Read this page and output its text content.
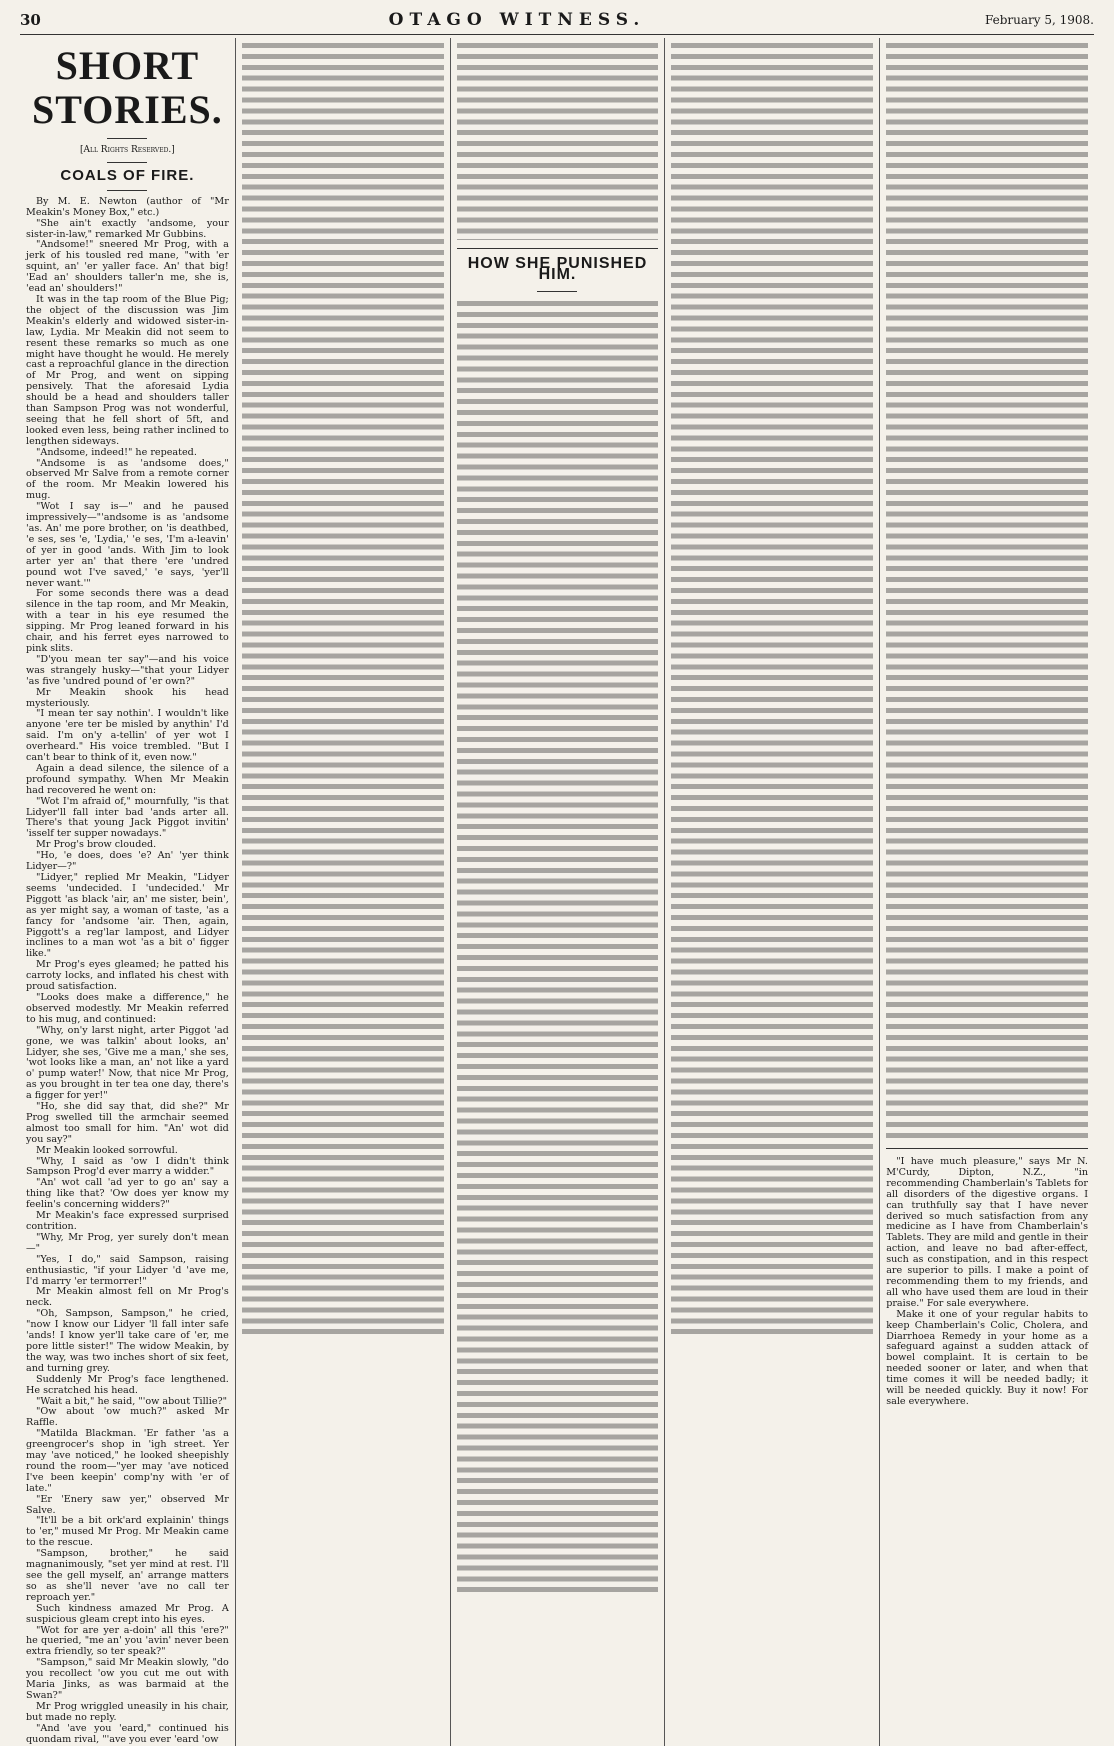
30	OTAGO WITNESS.	February 5, 1908.
SHORT STORIES.
[All Rights Reserved.]
COALS OF FIRE.

By M. E. Newton (author of "Mr Meakin's Money Box," etc.)

"She ain't exactly 'andsome, your sister-in-law," remarked Mr Gubbins.

"Andsome!" sneered Mr Prog, with a jerk of his tousled red mane, "with 'er squint, an' 'er yaller face. An' that big! 'Ead an' shoulders taller'n me, she is, 'ead an' shoulders!"

It was in the tap room of the Blue Pig; the object of the discussion was Jim Meakin's elderly and widowed sister-in-law, Lydia. Mr Meakin did not seem to resent these remarks so much as one might have thought he would. He merely cast a reproachful glance in the direction of Mr Prog, and went on sipping pensively. That the aforesaid Lydia should be a head and shoulders taller than Sampson Prog was not wonderful, seeing that he fell short of 5ft, and looked even less, being rather inclined to lengthen sideways.

"Andsome, indeed!" he repeated.

"Andsome is as 'andsome does," observed Mr Salve from a remote corner of the room. Mr Meakin lowered his mug.

"Wot I say is—" and he paused impressively—"'andsome is as 'andsome 'as. An' me pore brother, on 'is deathbed, 'e ses, ses 'e, 'Lydia,' 'e ses, 'I'm a-leavin' of yer in good 'ands. With Jim to look arter yer an' that there 'ere 'undred pound wot I've saved,' 'e says, 'yer'll never want.'"

For some seconds there was a dead silence in the tap room, and Mr Meakin, with a tear in his eye resumed the sipping. Mr Prog leaned forward in his chair, and his ferret eyes narrowed to pink slits.

"D'you mean ter say"—and his voice was strangely husky—"that your Lidyer 'as five 'undred pound of 'er own?"

Mr Meakin shook his head mysteriously.

"I mean ter say nothin'. I wouldn't like anyone 'ere ter be misled by anythin' I'd said. I'm on'y a-tellin' of yer wot I overheard." His voice trembled. "But I can't bear to think of it, even now."

Again a dead silence, the silence of a profound sympathy. When Mr Meakin had recovered he went on:

"Wot I'm afraid of," mournfully, "is that Lidyer'll fall inter bad 'ands arter all. There's that young Jack Piggot invitin' 'isself ter supper nowadays."

Mr Prog's brow clouded.

"Ho, 'e does, does 'e? An' 'yer think Lidyer—?"

"Lidyer," replied Mr Meakin, "Lidyer seems 'undecided. I 'undecided.' Mr Piggott 'as black 'air, an' me sister, bein', as yer might say, a woman of taste, 'as a fancy for 'andsome 'air. Then, again, Piggott's a reg'lar lampost, and Lidyer inclines to a man wot 'as a bit o' figger like."

Mr Prog's eyes gleamed; he patted his carroty locks, and inflated his chest with proud satisfaction.

"Looks does make a difference," he observed modestly. Mr Meakin referred to his mug, and continued:

"Why, on'y larst night, arter Piggot 'ad gone, we was talkin' about looks, an' Lidyer, she ses, 'Give me a man,' she ses, 'wot looks like a man, an' not like a yard o' pump water!' Now, that nice Mr Prog, as you brought in ter tea one day, there's a figger for yer!"

"Ho, she did say that, did she?" Mr Prog swelled till the armchair seemed almost too small for him. "An' wot did you say?"

Mr Meakin looked sorrowful.

"Why, I said as 'ow I didn't think Sampson Prog'd ever marry a widder."

"An' wot call 'ad yer to go an' say a thing like that? 'Ow does yer know my feelin's concerning widders?"

Mr Meakin's face expressed surprised contrition.

"Why, Mr Prog, yer surely don't mean—"

"Yes, I do," said Sampson, raising enthusiastic, "if your Lidyer 'd 'ave me, I'd marry 'er termorrer!"

Mr Meakin almost fell on Mr Prog's neck.

"Oh, Sampson, Sampson," he cried, "now I know our Lidyer 'll fall inter safe 'ands! I know yer'll take care of 'er, me pore little sister!" The widow Meakin, by the way, was two inches short of six feet, and turning grey.

Suddenly Mr Prog's face lengthened. He scratched his head.

"Wait a bit," he said, "'ow about Tillie?"

"Ow about 'ow much?" asked Mr Raffle.

"Matilda Blackman. 'Er father 'as a greengrocer's shop in 'igh street. Yer may 'ave noticed," he looked sheepishly round the room—"yer may 'ave noticed I've been keepin' comp'ny with 'er of late."

"Er 'Enery saw yer," observed Mr Salve.

"It'll be a bit ork'ard explainin' things to 'er," mused Mr Prog. Mr Meakin came to the rescue.

"Sampson, brother," he said magnanimously, "set yer mind at rest. I'll see the gell myself, an' arrange matters so as she'll never 'ave no call ter reproach yer."

Such kindness amazed Mr Prog. A suspicious gleam crept into his eyes.

"Wot for are yer a-doin' all this 'ere?" he queried, "me an' you 'avin' never been extra friendly, so ter speak?"

"Sampson," said Mr Meakin slowly, "do you recollect 'ow you cut me out with Maria Jinks, as was barmaid at the Swan?"

Mr Prog wriggled uneasily in his chair, but made no reply.

"And 'ave you 'eard," continued his quondam rival, "'ave you ever 'eard 'ow

HOW SHE PUNISHED HIM.

"I have much pleasure," says Mr N. M'Curdy, Dipton, N.Z., "in recommending Chamberlain's Tablets for all disorders of the digestive organs. I can truthfully say that I have never derived so much satisfaction from any medicine as I have from Chamberlain's Tablets. They are mild and gentle in their action, and leave no bad after-effect, such as constipation, and in this respect are superior to pills. I make a point of recommending them to my friends, and all who have used them are loud in their praise." For sale everywhere.

Make it one of your regular habits to keep Chamberlain's Colic, Cholera, and Diarrhoea Remedy in your home as a safeguard against a sudden attack of bowel complaint. It is certain to be needed sooner or later, and when that time comes it will be needed badly; it will be needed quickly. Buy it now! For sale everywhere.
